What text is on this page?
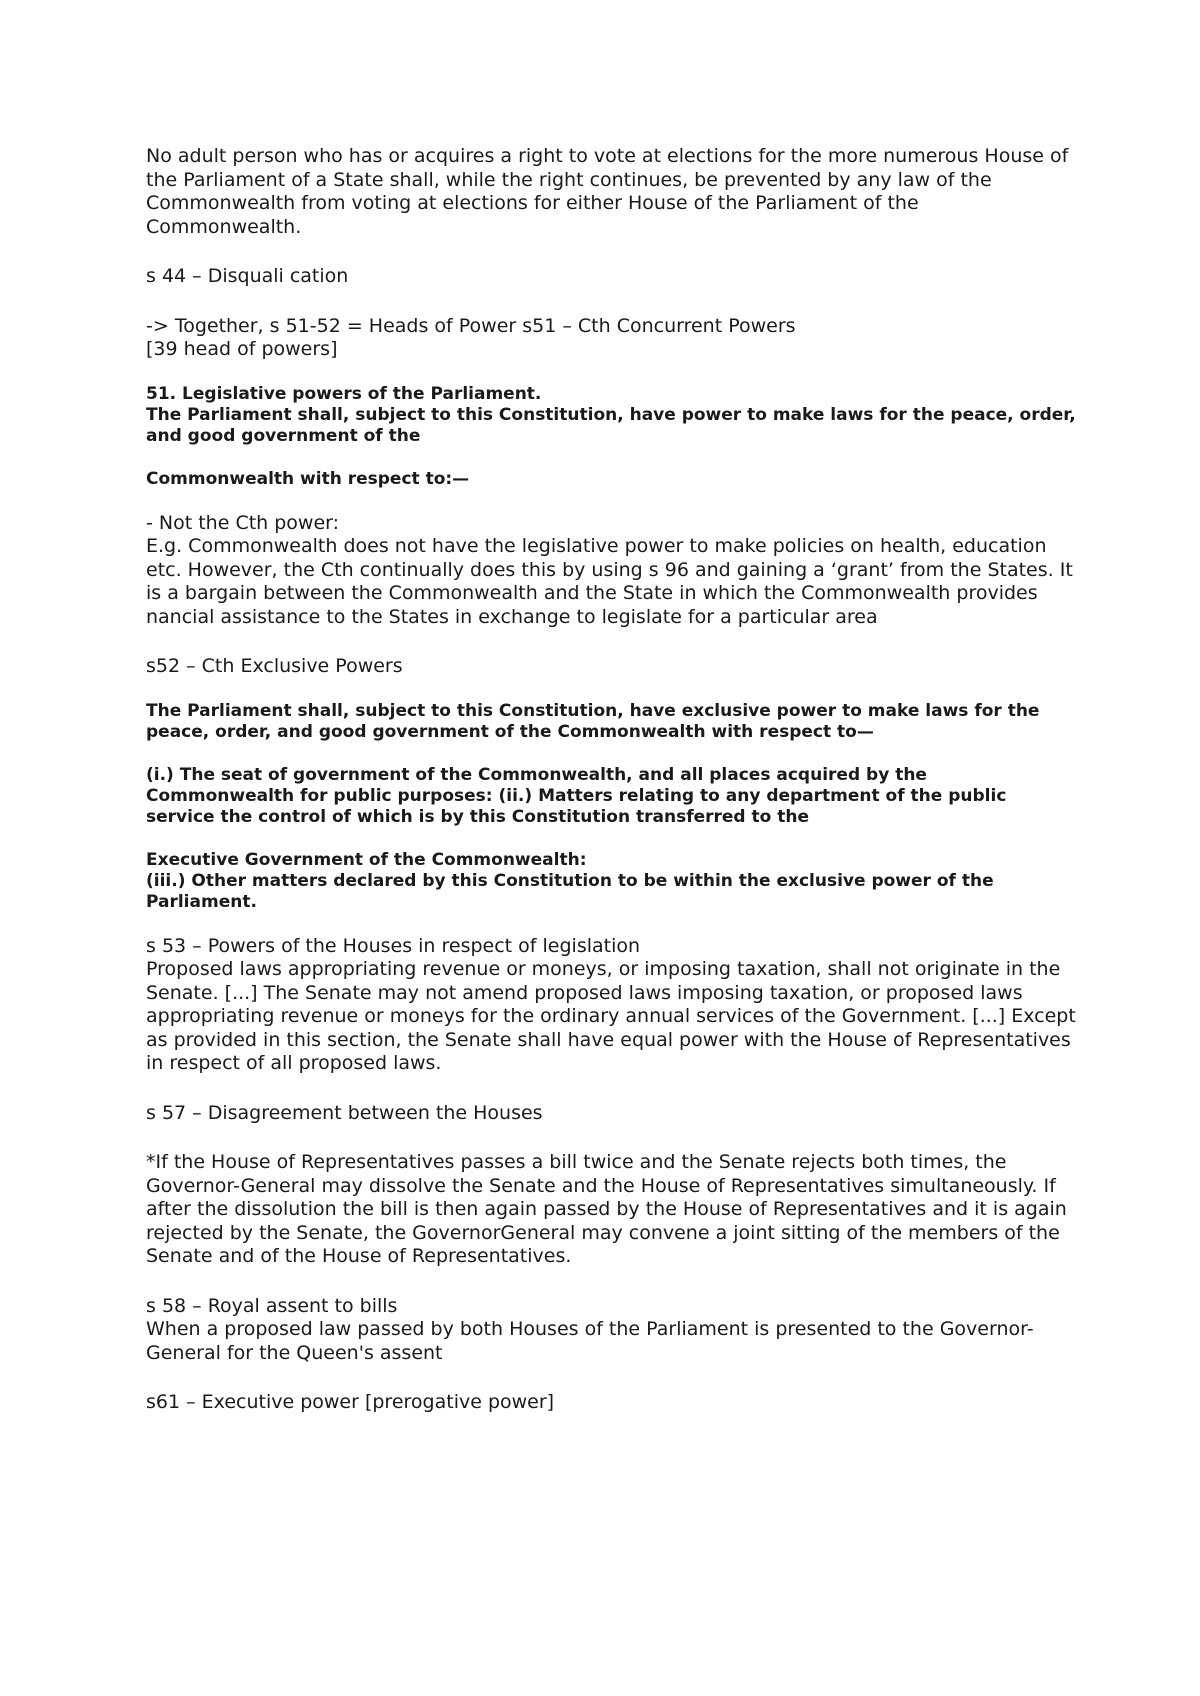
No adult person who has or acquires a right to vote at elections for the more numerous House of the Parliament of a State shall, while the right continues, be prevented by any law of the Commonwealth from voting at elections for either House of the Parliament of the Commonwealth.

s 44 – Disquali cation

-> Together, s 51-52 = Heads of Power s51 – Cth Concurrent Powers

[39 head of powers]

51. Legislative powers of the Parliament.

The Parliament shall, subject to this Constitution, have power to make laws for the peace, order, and good government of the

Commonwealth with respect to:—

- Not the Cth power:

E.g. Commonwealth does not have the legislative power to make policies on health, education etc. However, the Cth continually does this by using s 96 and gaining a ‘grant’ from the States. It is a bargain between the Commonwealth and the State in which the Commonwealth provides nancial assistance to the States in exchange to legislate for a particular area

s52 – Cth Exclusive Powers

The Parliament shall, subject to this Constitution, have exclusive power to make laws for the peace, order, and good government of the Commonwealth with respect to—

(i.) The seat of government of the Commonwealth, and all places acquired by the Commonwealth for public purposes: (ii.) Matters relating to any department of the public service the control of which is by this Constitution transferred to the

Executive Government of the Commonwealth:

(iii.) Other matters declared by this Constitution to be within the exclusive power of the Parliament.

s 53 – Powers of the Houses in respect of legislation

Proposed laws appropriating revenue or moneys, or imposing taxation, shall not originate in the Senate. [...] The Senate may not amend proposed laws imposing taxation, or proposed laws appropriating revenue or moneys for the ordinary annual services of the Government. [...] Except as provided in this section, the Senate shall have equal power with the House of Representatives in respect of all proposed laws.

s 57 – Disagreement between the Houses

*If the House of Representatives passes a bill twice and the Senate rejects both times, the Governor-General may dissolve the Senate and the House of Representatives simultaneously. If after the dissolution the bill is then again passed by the House of Representatives and it is again rejected by the Senate, the GovernorGeneral may convene a joint sitting of the members of the Senate and of the House of Representatives.

s 58 – Royal assent to bills

When a proposed law passed by both Houses of the Parliament is presented to the Governor- General for the Queen's assent

s61 – Executive power [prerogative power]
